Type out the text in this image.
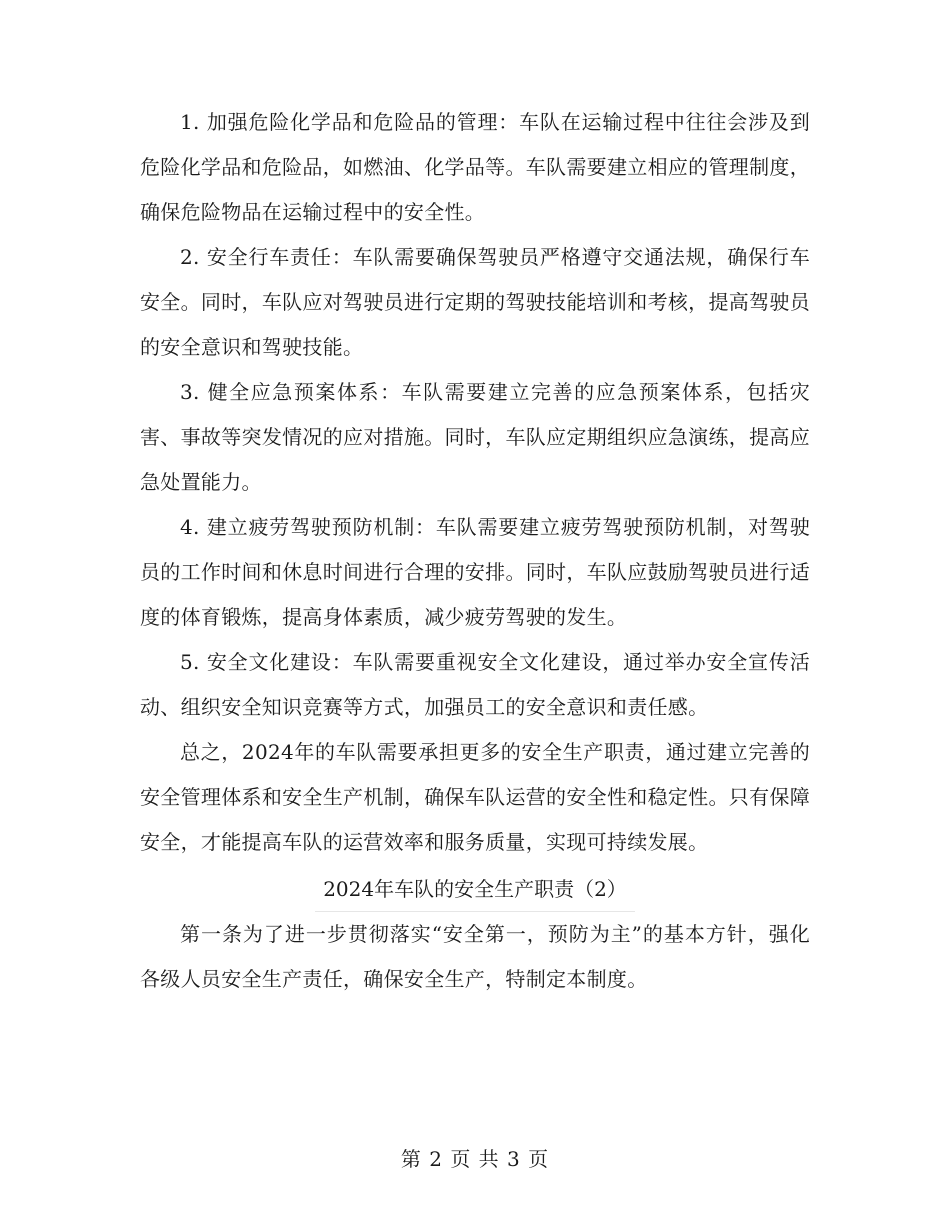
1. 加强危险化学品和危险品的管理：车队在运输过程中往往会涉及到危险化学品和危险品，如燃油、化学品等。车队需要建立相应的管理制度，确保危险物品在运输过程中的安全性。

2. 安全行车责任：车队需要确保驾驶员严格遵守交通法规，确保行车安全。同时，车队应对驾驶员进行定期的驾驶技能培训和考核，提高驾驶员的安全意识和驾驶技能。

3. 健全应急预案体系：车队需要建立完善的应急预案体系，包括灾害、事故等突发情况的应对措施。同时，车队应定期组织应急演练，提高应急处置能力。

4. 建立疲劳驾驶预防机制：车队需要建立疲劳驾驶预防机制，对驾驶员的工作时间和休息时间进行合理的安排。同时，车队应鼓励驾驶员进行适度的体育锻炼，提高身体素质，减少疲劳驾驶的发生。

5. 安全文化建设：车队需要重视安全文化建设，通过举办安全宣传活动、组织安全知识竞赛等方式，加强员工的安全意识和责任感。

总之，2024年的车队需要承担更多的安全生产职责，通过建立完善的安全管理体系和安全生产机制，确保车队运营的安全性和稳定性。只有保障安全，才能提高车队的运营效率和服务质量，实现可持续发展。

2024年车队的安全生产职责（2）

第一条为了进一步贯彻落实“安全第一，预防为主”的基本方针，强化各级人员安全生产责任，确保安全生产，特制定本制度。

第 2 页 共 3 页
